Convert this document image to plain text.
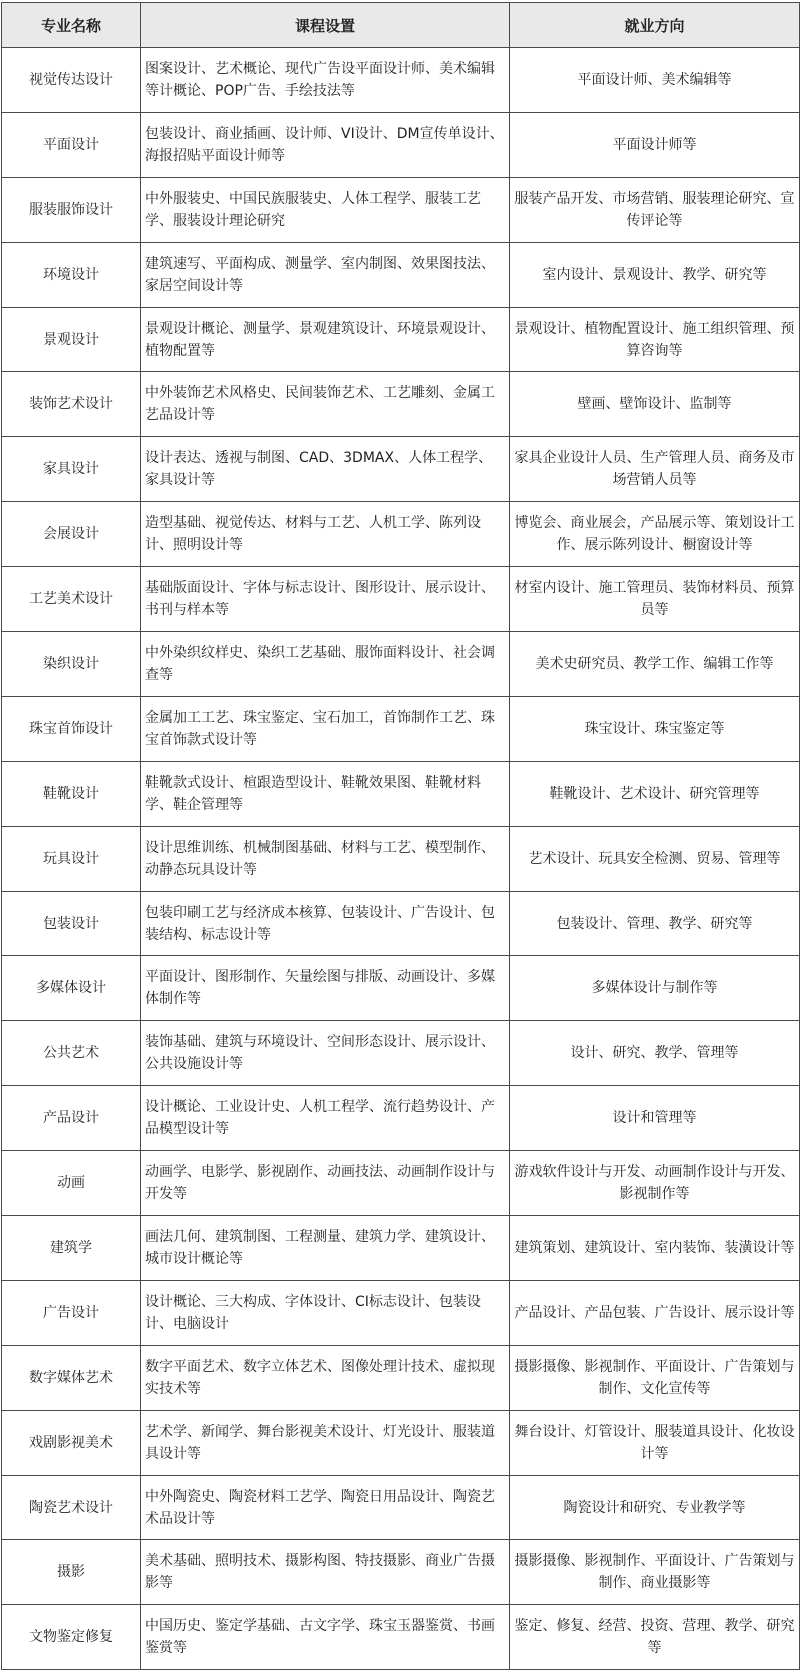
专业名称	课程设置	就业方向
视觉传达设计	图案设计、艺术概论、现代广告设平面设计师、美术编辑等计概论、POP广告、手绘技法等	平面设计师、美术编辑等
平面设计	包装设计、商业插画、设计师、VI设计、DM宣传单设计、海报招贴平面设计师等	平面设计师等
服装服饰设计	中外服装史、中国民族服装史、人体工程学、服装工艺学、服装设计理论研究	服装产品开发、市场营销、服装理论研究、宣传评论等
环境设计	建筑速写、平面构成、测量学、室内制图、效果图技法、家居空间设计等	室内设计、景观设计、教学、研究等
景观设计	景观设计概论、测量学、景观建筑设计、环境景观设计、植物配置等	景观设计、植物配置设计、施工组织管理、预算咨询等
装饰艺术设计	中外装饰艺术风格史、民间装饰艺术、工艺雕刻、金属工艺品设计等	壁画、壁饰设计、监制等
家具设计	设计表达、透视与制图、CAD、3DMAX、人体工程学、家具设计等	家具企业设计人员、生产管理人员、商务及市场营销人员等
会展设计	造型基础、视觉传达、材料与工艺、人机工学、陈列设计、照明设计等	博览会、商业展会，产品展示等、策划设计工作、展示陈列设计、橱窗设计等
工艺美术设计	基础版面设计、字体与标志设计、图形设计、展示设计、书刊与样本等	材室内设计、施工管理员、装饰材料员、预算员等
染织设计	中外染织纹样史、染织工艺基础、服饰面料设计、社会调查等	美术史研究员、教学工作、编辑工作等
珠宝首饰设计	金属加工工艺、珠宝鉴定、宝石加工，首饰制作工艺、珠宝首饰款式设计等	珠宝设计、珠宝鉴定等
鞋靴设计	鞋靴款式设计、楦跟造型设计、鞋靴效果图、鞋靴材料学、鞋企管理等	鞋靴设计、艺术设计、研究管理等
玩具设计	设计思维训练、机械制图基础、材料与工艺、模型制作、动静态玩具设计等	艺术设计、玩具安全检测、贸易、管理等
包装设计	包装印刷工艺与经济成本核算、包装设计、广告设计、包装结构、标志设计等	包装设计、管理、教学、研究等
多媒体设计	平面设计、图形制作、矢量绘图与排版、动画设计、多媒体制作等	多媒体设计与制作等
公共艺术	装饰基础、建筑与环境设计、空间形态设计、展示设计、公共设施设计等	设计、研究、教学、管理等
产品设计	设计概论、工业设计史、人机工程学、流行趋势设计、产品模型设计等	设计和管理等
动画	动画学、电影学、影视剧作、动画技法、动画制作设计与开发等	游戏软件设计与开发、动画制作设计与开发、影视制作等
建筑学	画法几何、建筑制图、工程测量、建筑力学、建筑设计、城市设计概论等	建筑策划、建筑设计、室内装饰、装潢设计等
广告设计	设计概论、三大构成、字体设计、CI标志设计、包装设计、电脑设计	产品设计、产品包装、广告设计、展示设计等
数字媒体艺术	数字平面艺术、数字立体艺术、图像处理计技术、虚拟现实技术等	摄影摄像、影视制作、平面设计、广告策划与制作、文化宣传等
戏剧影视美术	艺术学、新闻学、舞台影视美术设计、灯光设计、服装道具设计等	舞台设计、灯管设计、服装道具设计、化妆设计等
陶瓷艺术设计	中外陶瓷史、陶瓷材料工艺学、陶瓷日用品设计、陶瓷艺术品设计等	陶瓷设计和研究、专业教学等
摄影	美术基础、照明技术、摄影构图、特技摄影、商业广告摄影等	摄影摄像、影视制作、平面设计、广告策划与制作、商业摄影等
文物鉴定修复	中国历史、鉴定学基础、古文字学、珠宝玉器鉴赏、书画鉴赏等	鉴定、修复、经营、投资、营理、教学、研究等
